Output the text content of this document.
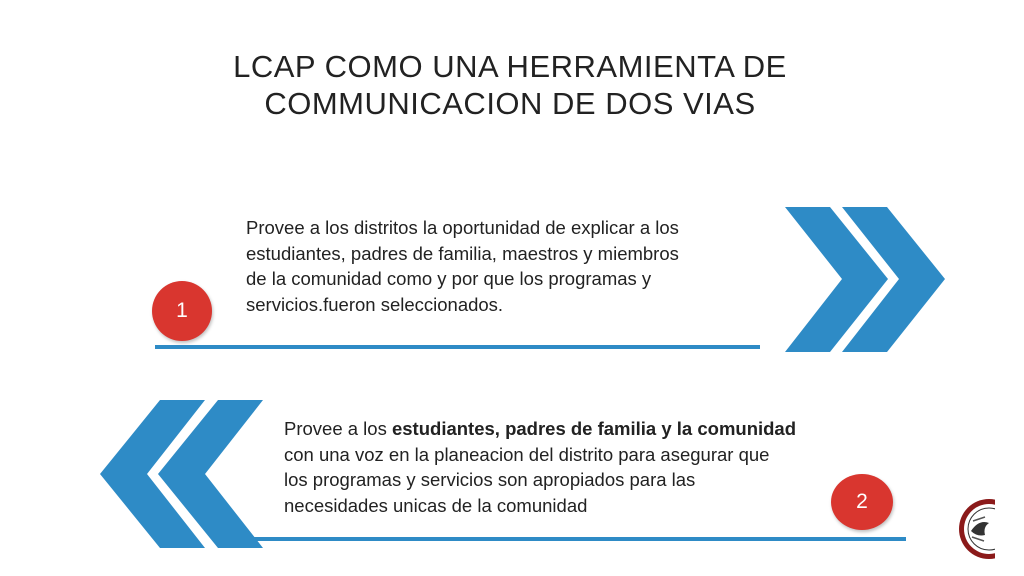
LCAP COMO UNA HERRAMIENTA DE
COMMUNICACION DE DOS VIAS
1
Provee a los distritos la oportunidad de explicar a los
estudiantes, padres de familia, maestros y miembros
de la comunidad como y por que los programas y
servicios.fueron seleccionados.
Provee a los estudiantes, padres de familia y la comunidad
con una voz en la planeacion del distrito para asegurar que
los programas y servicios son apropiados para las
necesidades unicas de la comunidad	2
